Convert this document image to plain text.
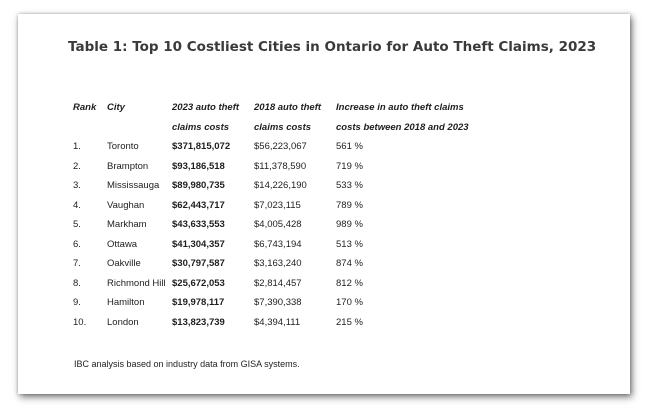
Table 1: Top 10 Costliest Cities in Ontario for Auto Theft Claims, 2023
Rank	City	2023 auto theft	2018 auto theft	Increase in auto theft claims
		claims costs	claims costs	costs between 2018 and 2023
1.	Toronto	$371,815,072	$56,223,067	561 %
2.	Brampton	$93,186,518	$11,378,590	719 %
3.	Mississauga	$89,980,735	$14,226,190	533 %
4.	Vaughan	$62,443,717	$7,023,115	789 %
5.	Markham	$43,633,553	$4,005,428	989 %
6.	Ottawa	$41,304,357	$6,743,194	513 %
7.	Oakville	$30,797,587	$3,163,240	874 %
8.	Richmond Hill	$25,672,053	$2,814,457	812 %
9.	Hamilton	$19,978,117	$7,390,338	170 %
10.	London	$13,823,739	$4,394,111	215 %
IBC analysis based on industry data from GISA systems.
